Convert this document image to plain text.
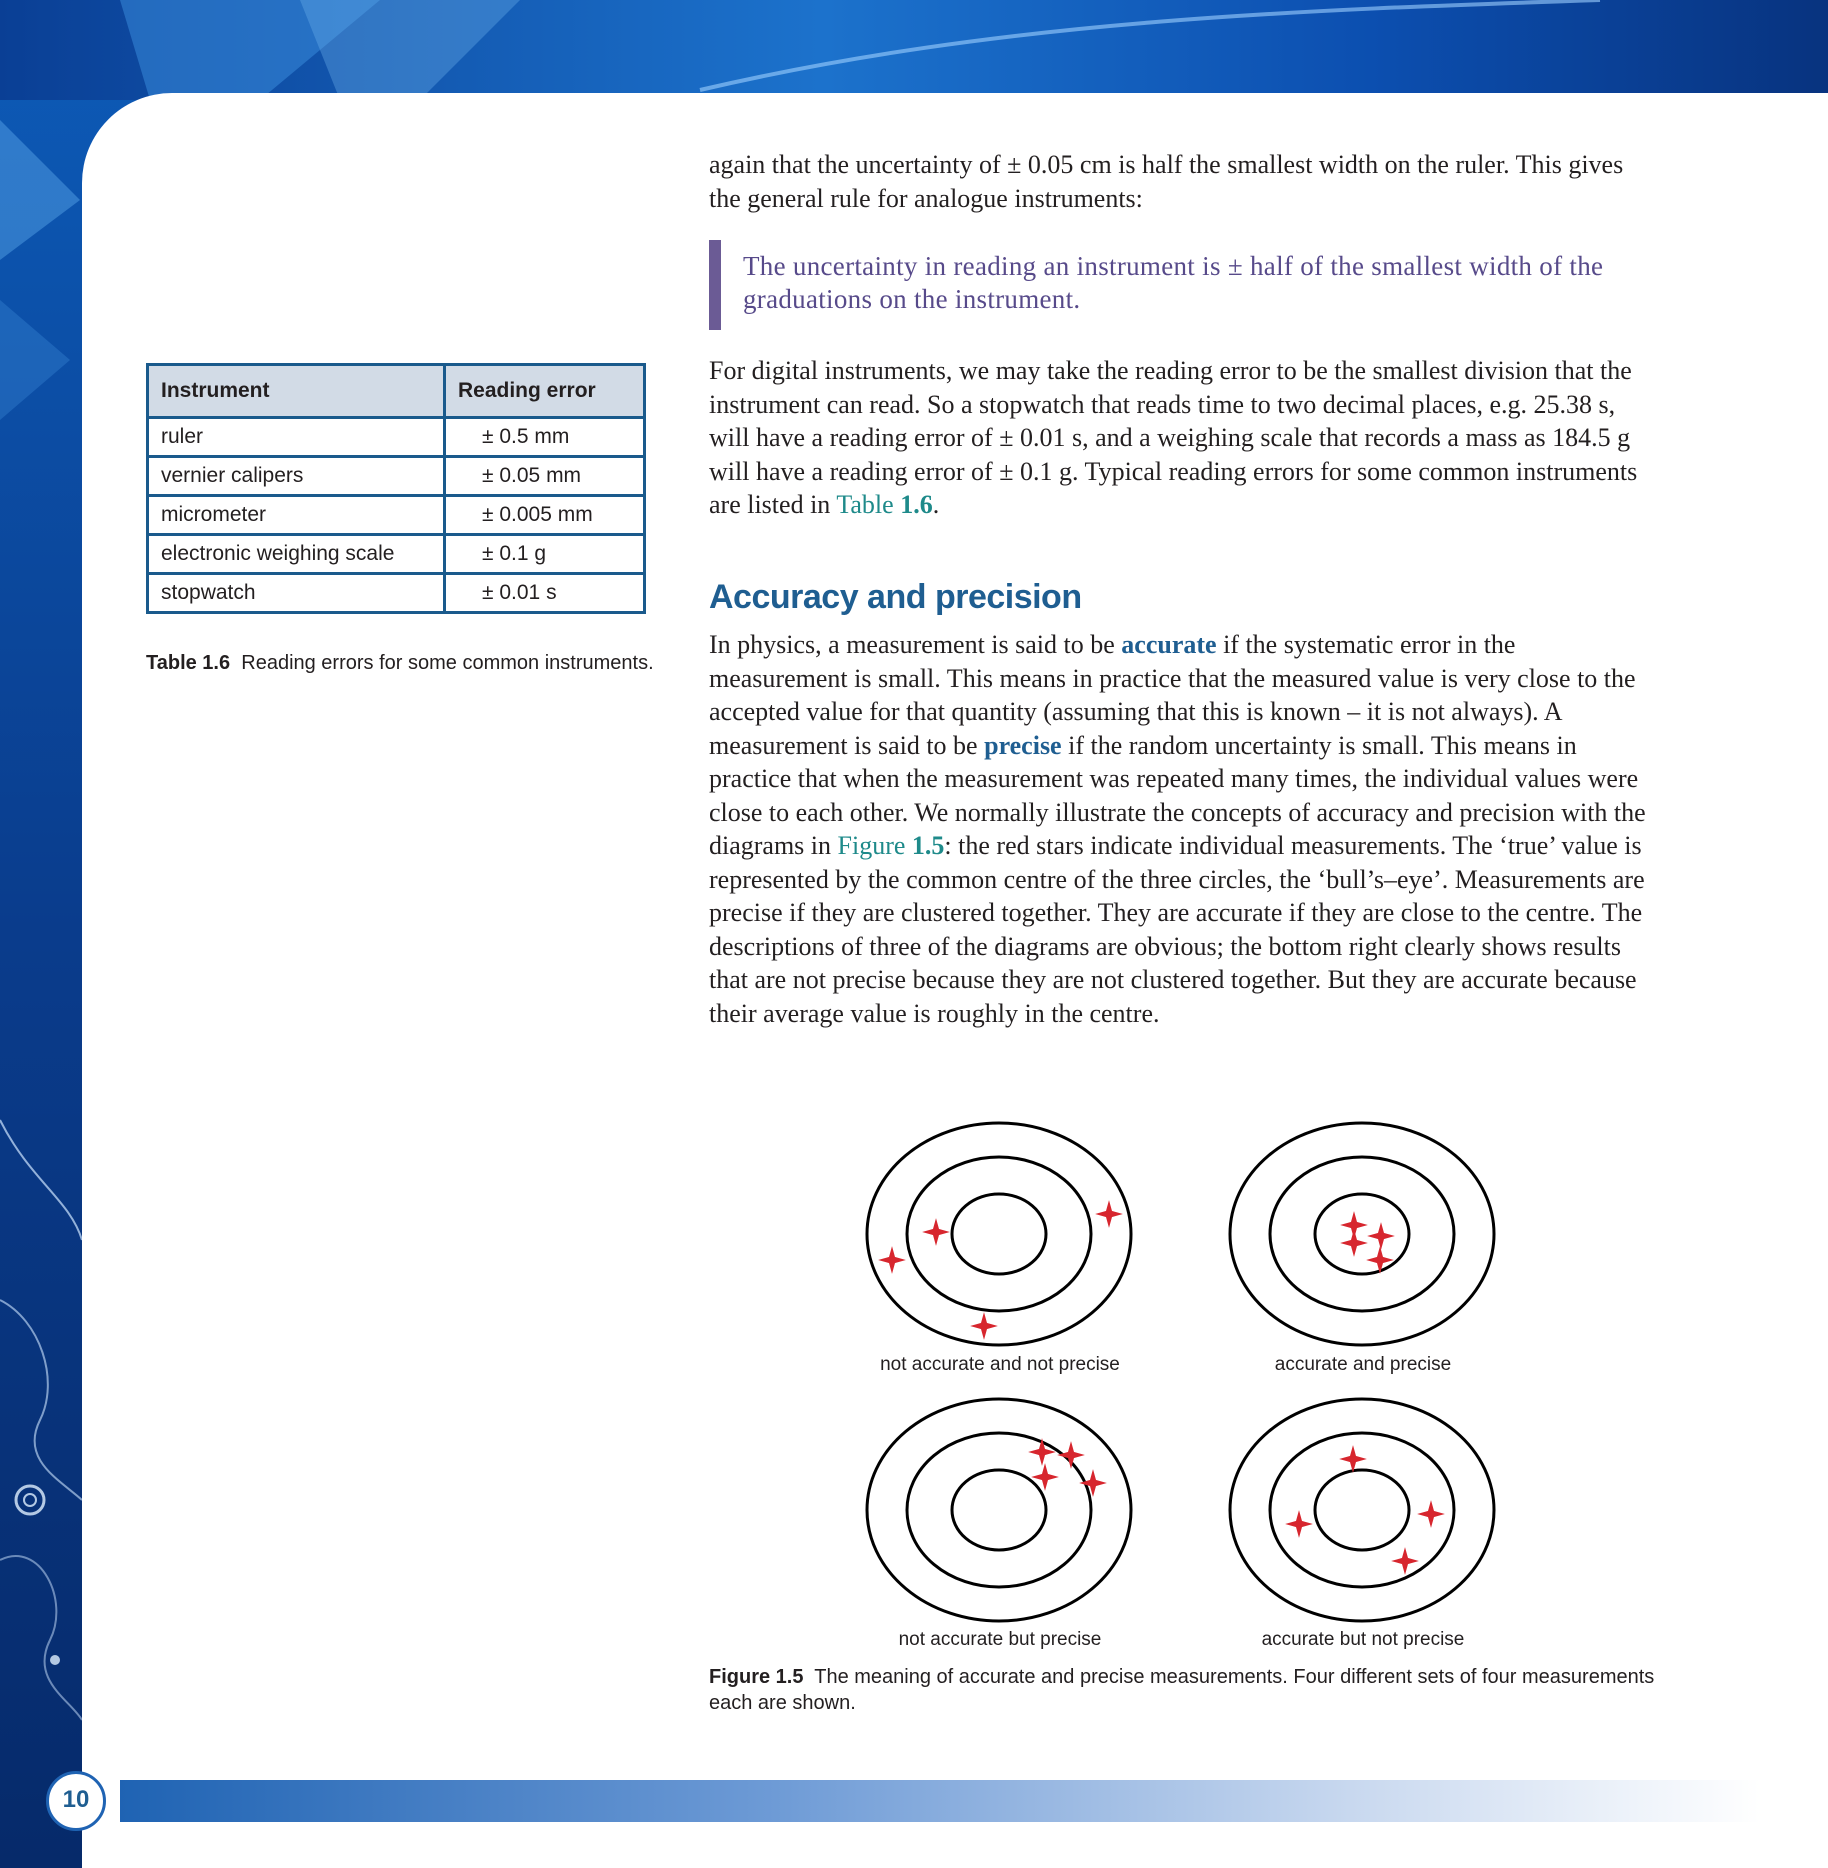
again that the uncertainty of ± 0.05 cm is half the smallest width on the ruler. This gives the general rule for analogue instruments:

The uncertainty in reading an instrument is ± half of the smallest width of the graduations on the instrument.

For digital instruments, we may take the reading error to be the smallest division that the instrument can read. So a stopwatch that reads time to two decimal places, e.g. 25.38 s, will have a reading error of ± 0.01 s, and a weighing scale that records a mass as 184.5 g will have a reading error of ± 0.1 g. Typical reading errors for some common instruments are listed in Table 1.6.

Accuracy and precision

In physics, a measurement is said to be accurate if the systematic error in the measurement is small. This means in practice that the measured value is very close to the accepted value for that quantity (assuming that this is known – it is not always). A measurement is said to be precise if the random uncertainty is small. This means in practice that when the measurement was repeated many times, the individual values were close to each other. We normally illustrate the concepts of accuracy and precision with the diagrams in Figure 1.5: the red stars indicate individual measurements. The ‘true’ value is represented by the common centre of the three circles, the ‘bull’s–eye’. Measurements are precise if they are clustered together. They are accurate if they are close to the centre. The descriptions of three of the diagrams are obvious; the bottom right clearly shows results that are not precise because they are not clustered together. But they are accurate because their average value is roughly in the centre.

Instrument	Reading error
ruler	± 0.5 mm
vernier calipers	± 0.05 mm
micrometer	± 0.005 mm
electronic weighing scale	± 0.1 g
stopwatch	± 0.01 s

Table 1.6 Reading errors for some common instruments.

not accurate and not precise	accurate and precise
not accurate but precise	accurate but not precise

Figure 1.5 The meaning of accurate and precise measurements. Four different sets of four measurements each are shown.

10
